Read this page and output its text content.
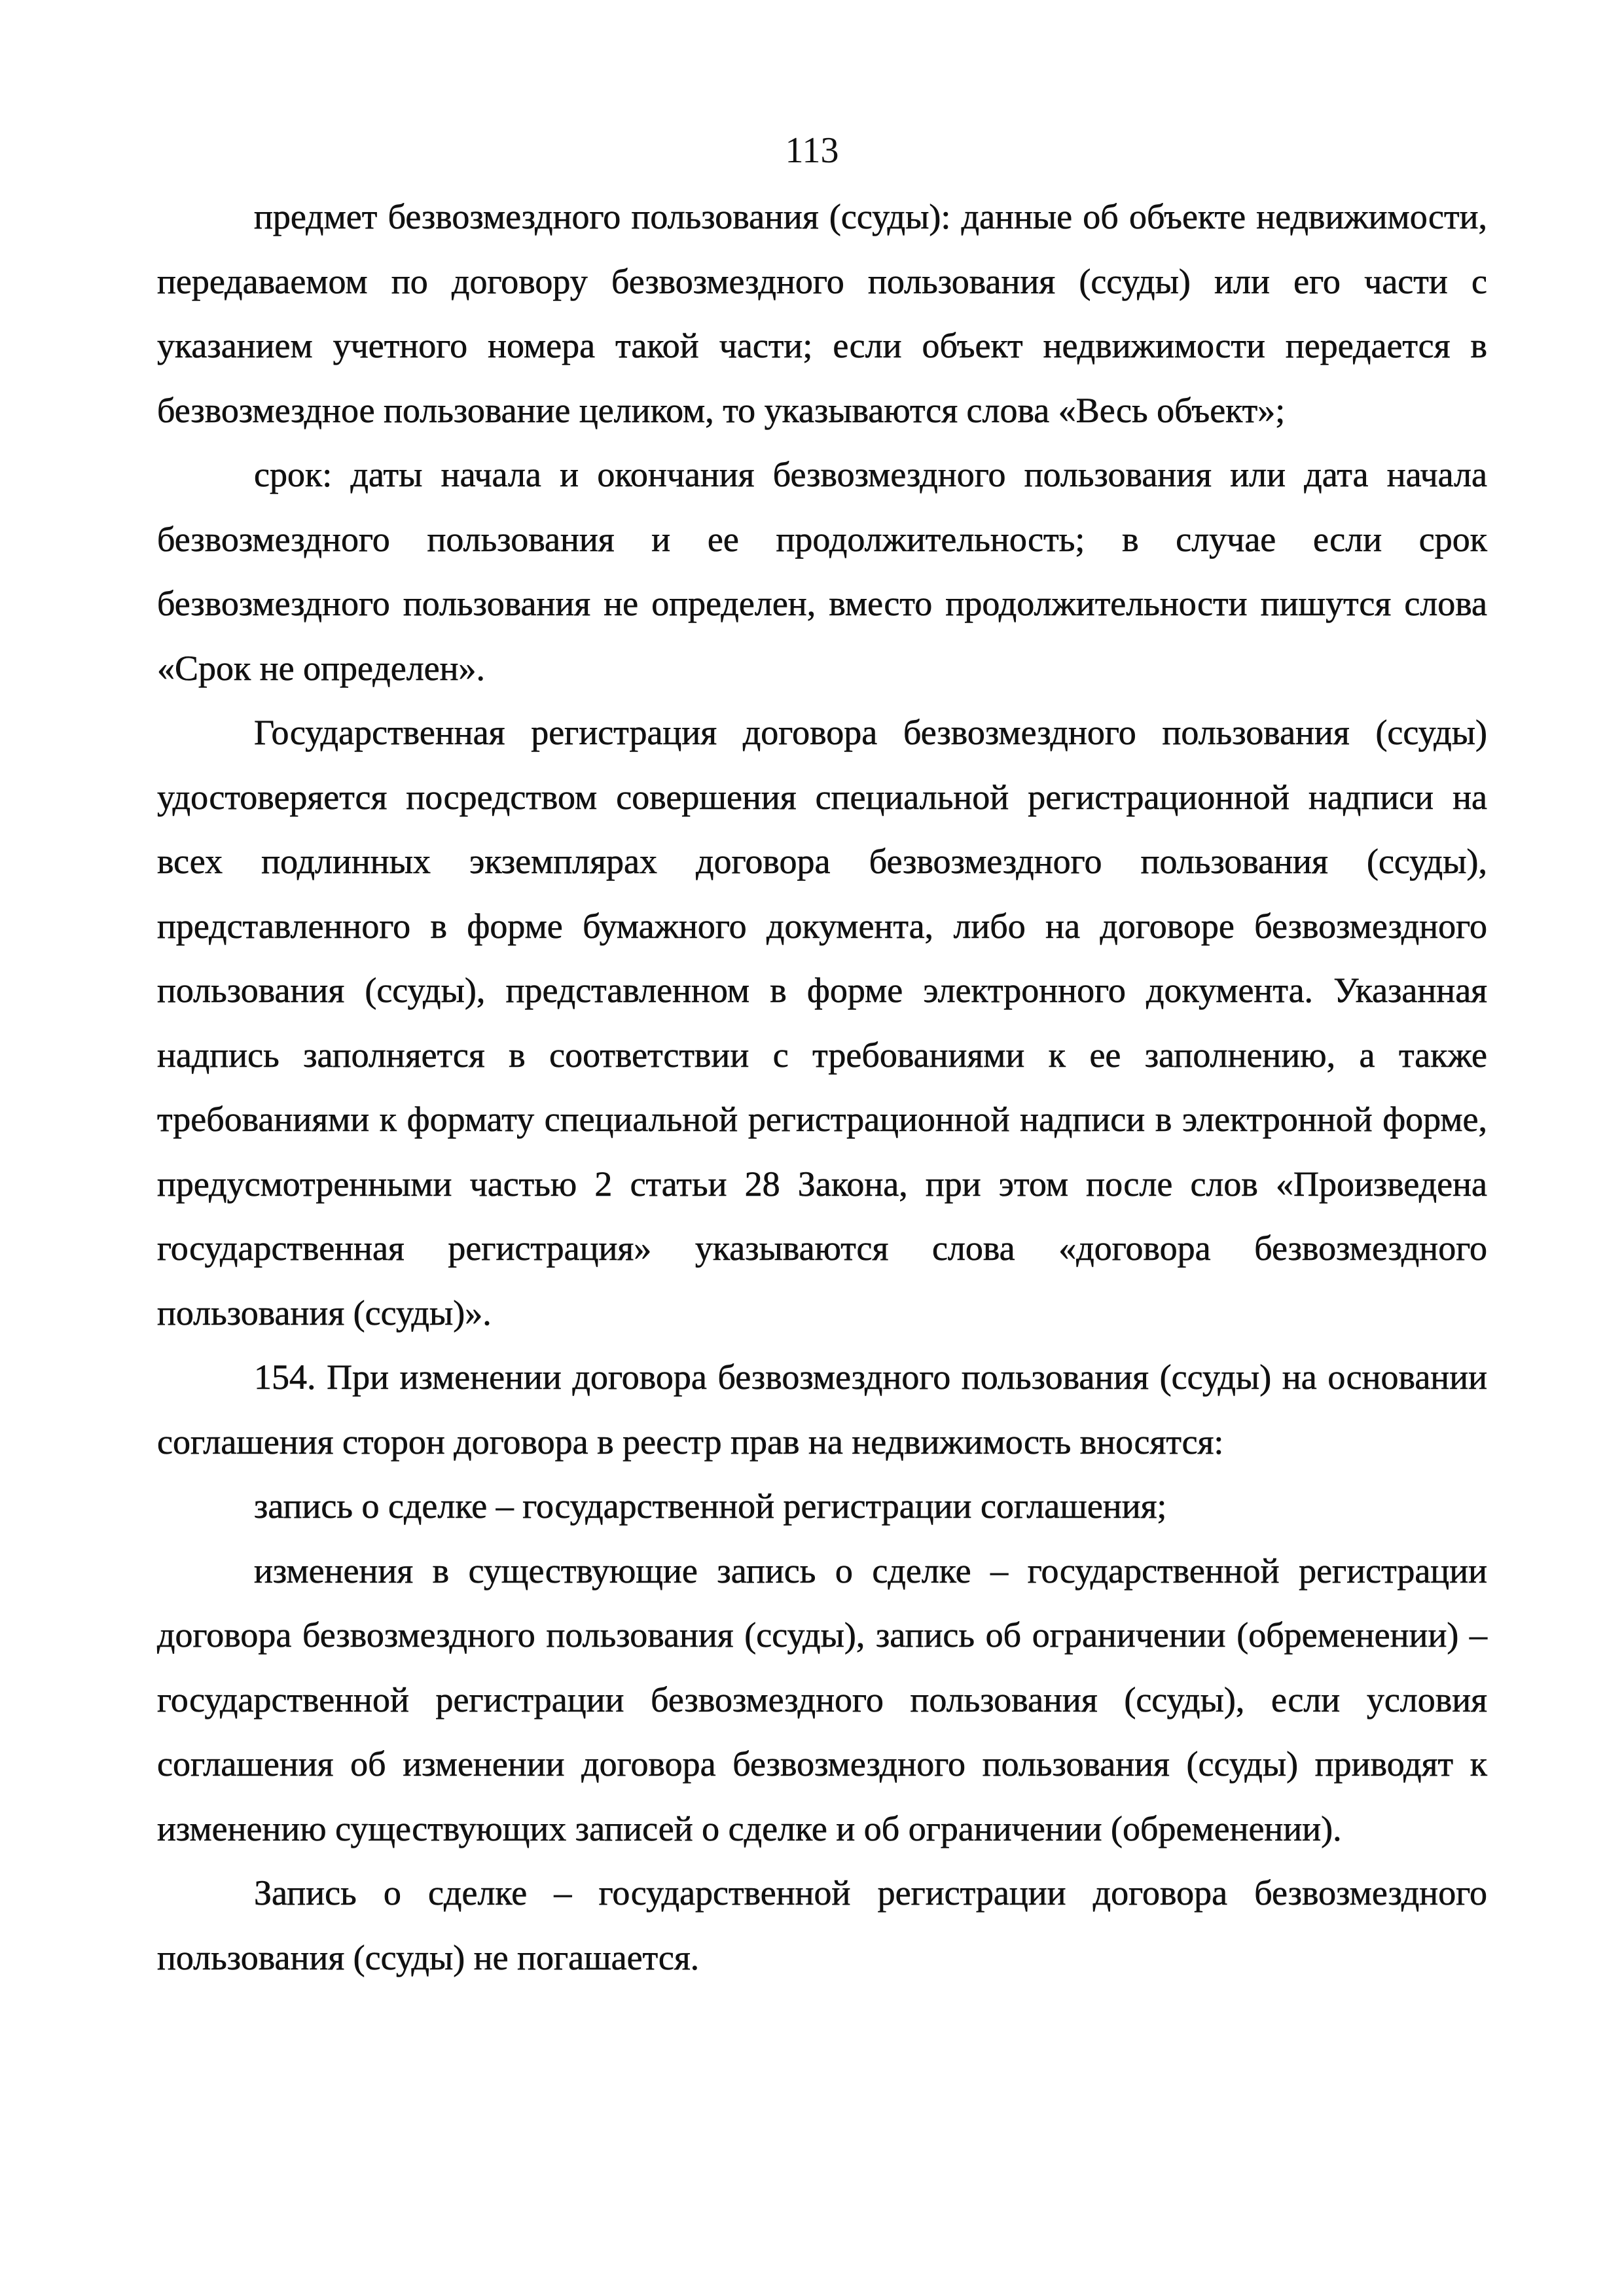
113

предмет безвозмездного пользования (ссуды): данные об объекте недвижимости, передаваемом по договору безвозмездного пользования (ссуды) или его части с указанием учетного номера такой части; если объект недвижимости передается в безвозмездное пользование целиком, то указываются слова «Весь объект»;

срок: даты начала и окончания безвозмездного пользования или дата начала безвозмездного пользования и ее продолжительность; в случае если срок безвозмездного пользования не определен, вместо продолжительности пишутся слова «Срок не определен».

Государственная регистрация договора безвозмездного пользования (ссуды) удостоверяется посредством совершения специальной регистрационной надписи на всех подлинных экземплярах договора безвозмездного пользования (ссуды), представленного в форме бумажного документа, либо на договоре безвозмездного пользования (ссуды), представленном в форме электронного документа. Указанная надпись заполняется в соответствии с требованиями к ее заполнению, а также требованиями к формату специальной регистрационной надписи в электронной форме, предусмотренными частью 2 статьи 28 Закона, при этом после слов «Произведена государственная регистрация» указываются слова «договора безвозмездного пользования (ссуды)».

154. При изменении договора безвозмездного пользования (ссуды) на основании соглашения сторон договора в реестр прав на недвижимость вносятся:

запись о сделке – государственной регистрации соглашения;

изменения в существующие запись о сделке – государственной регистрации договора безвозмездного пользования (ссуды), запись об ограничении (обременении) – государственной регистрации безвозмездного пользования (ссуды), если условия соглашения об изменении договора безвозмездного пользования (ссуды) приводят к изменению существующих записей о сделке и об ограничении (обременении).

Запись о сделке – государственной регистрации договора безвозмездного пользования (ссуды) не погашается.
